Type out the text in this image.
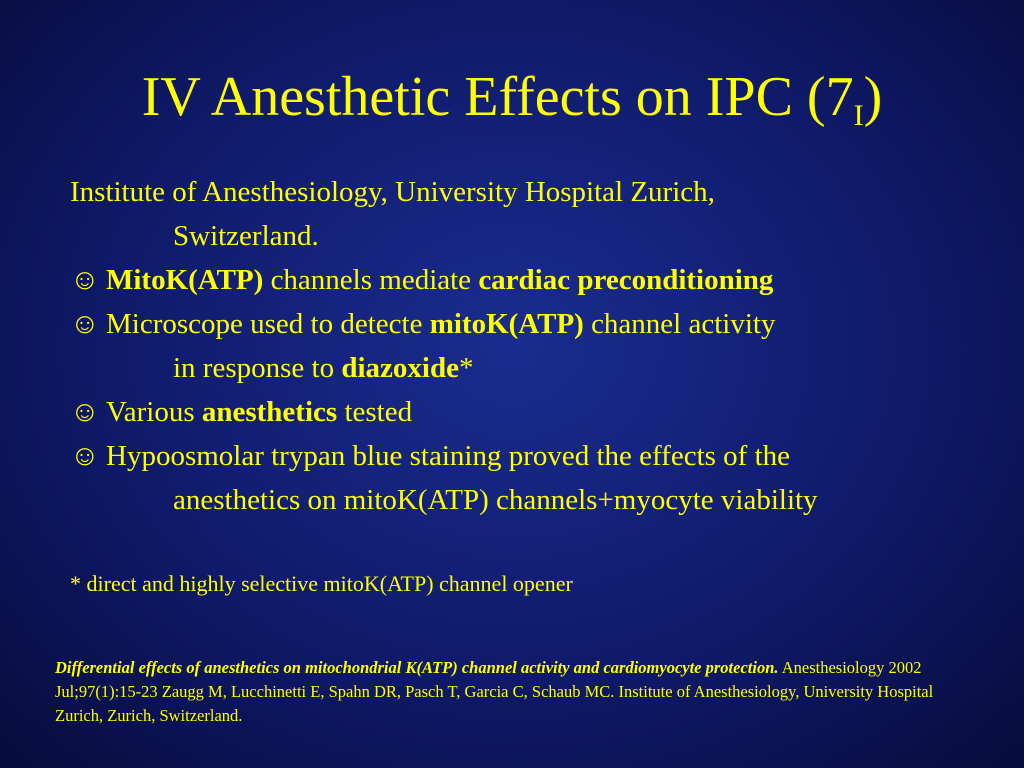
IV Anesthetic Effects on IPC $(7_I)$
Institute of Anesthesiology, University Hospital Zurich,
Switzerland.
☺ MitoK(ATP) channels mediate cardiac preconditioning
☺ Microscope used to detecte mitoK(ATP) channel activity
in response to diazoxide*
☺ Various anesthetics tested
☺ Hypoosmolar trypan blue staining proved the effects of the
anesthetics on mitoK(ATP) channels+myocyte viability
* direct and highly selective mitoK(ATP) channel opener
Differential effects of anesthetics on mitochondrial K(ATP) channel activity and cardiomyocyte protection. Anesthesiology 2002 Jul;97(1):15-23 Zaugg M, Lucchinetti E, Spahn DR, Pasch T, Garcia C, Schaub MC. Institute of Anesthesiology, University Hospital Zurich, Zurich, Switzerland.
